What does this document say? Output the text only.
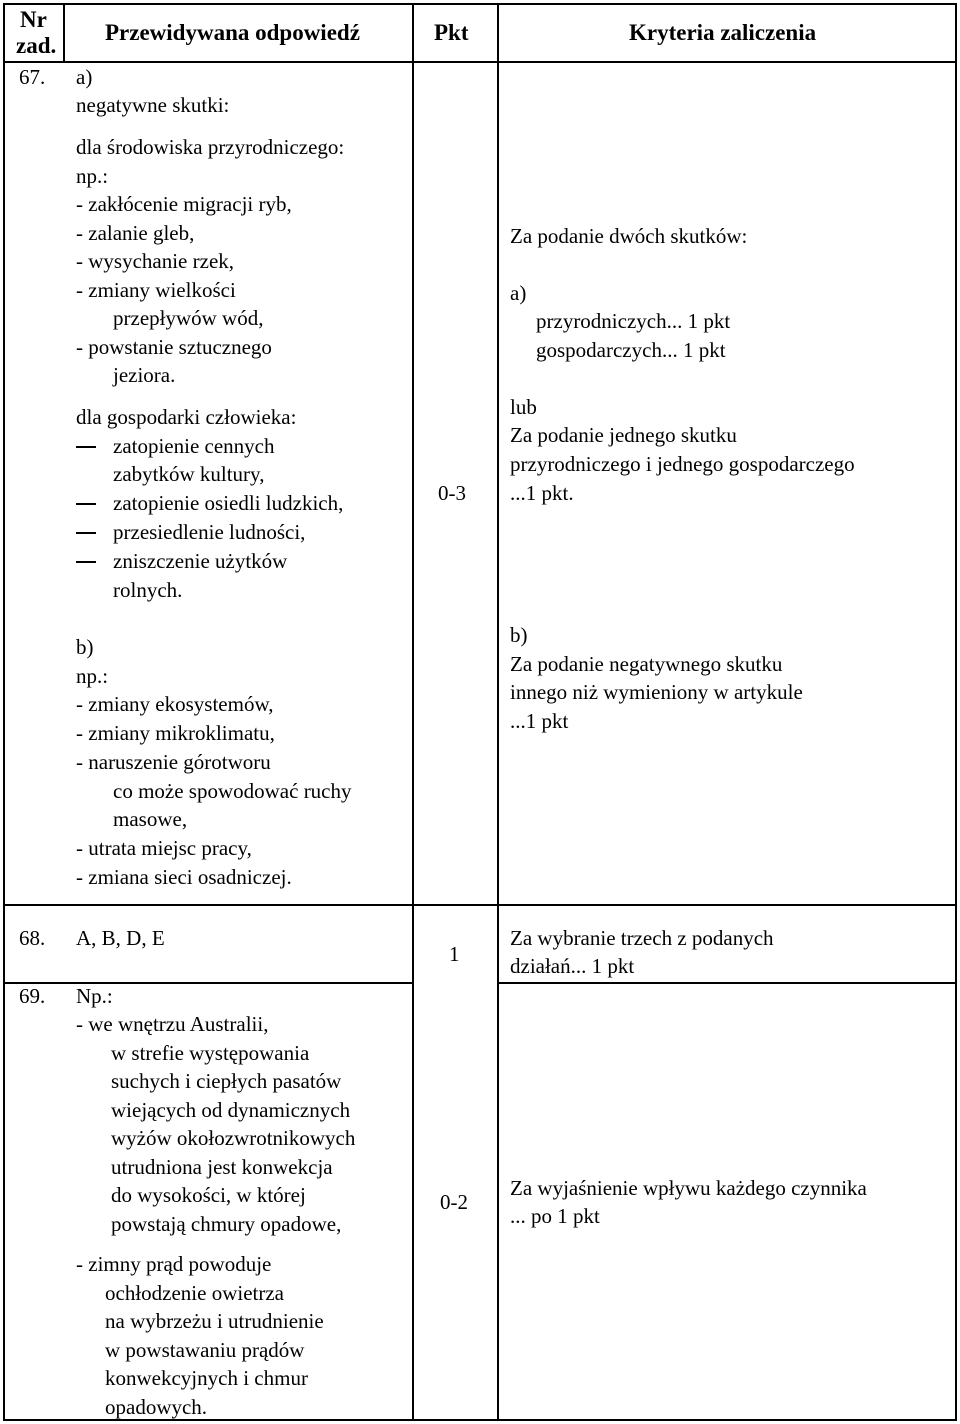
Nr
zad.
Przewidywana odpowiedź	Pkt	Kryteria zaliczenia
67. a)
negatywne skutki:
dla środowiska przyrodniczego:
np.:
- zakłócenie migracji ryb,
- zalanie gleb,
- wysychanie rzek,
- zmiany wielkości
przepływów wód,
- powstanie sztucznego
jeziora.
dla gospodarki człowieka:
zatopienie cennych
zabytków kultury,
zatopienie osiedli ludzkich,
przesiedlenie ludności,
zniszczenie użytków
rolnych.
b)
np.:
- zmiany ekosystemów,
- zmiany mikroklimatu,
- naruszenie górotworu
co może spowodować ruchy
masowe,
- utrata miejsc pracy,
- zmiana sieci osadniczej.
0-3
Za podanie dwóch skutków:
a)
przyrodniczych... 1 pkt
gospodarczych... 1 pkt
lub
Za podanie jednego skutku
przyrodniczego i jednego gospodarczego
...1 pkt.
b)
Za podanie negatywnego skutku
innego niż wymieniony w artykule
...1 pkt
68. A, B, D, E
1
Za wybranie trzech z podanych
działań... 1 pkt
69. Np.:
- we wnętrzu Australii,
w strefie występowania
suchych i ciepłych pasatów
wiejących od dynamicznych
wyżów okołozwrotnikowych
utrudniona jest konwekcja
do wysokości, w której
powstają chmury opadowe,
- zimny prąd powoduje
ochłodzenie owietrza
na wybrzeżu i utrudnienie
w powstawaniu prądów
konwekcyjnych i chmur
opadowych.
0-2
Za wyjaśnienie wpływu każdego czynnika
... po 1 pkt
